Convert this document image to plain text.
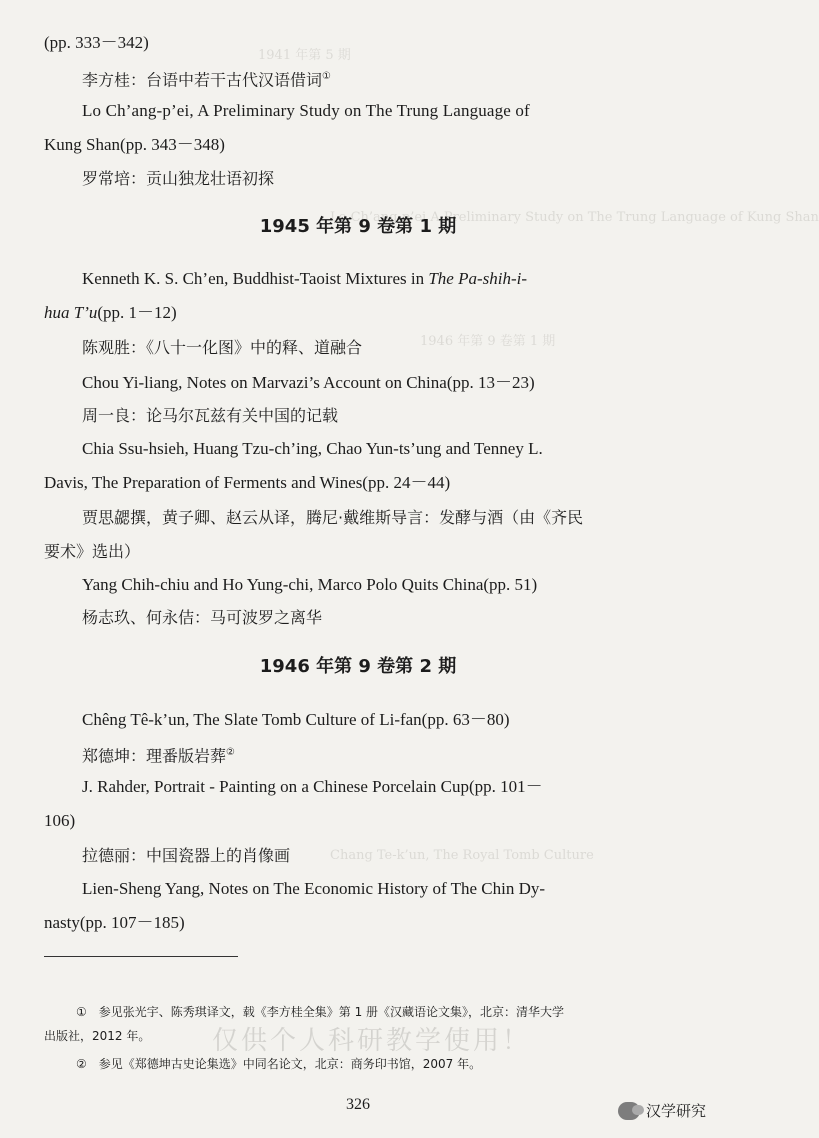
1941 年第 5 期
Lo Ch’ang-p’ei A Preliminary Study on The Trung Language of Kung Shan
Chang Te-k’un, The Royal Tomb Culture
1946 年第 9 卷第 1 期
(pp. 333－342)
李方桂：台语中若干古代汉语借词①
Lo Ch’ang-p’ei, A Preliminary Study on The Trung Language of
Kung Shan(pp. 343－348)
罗常培：贡山独龙壮语初探
1945 年第 9 卷第 1 期
Kenneth K. S. Ch’en, Buddhist-Taoist Mixtures in The Pa-shih-i-
hua T’u(pp. 1－12)
陈观胜：《八十一化图》中的释、道融合
Chou Yi-liang, Notes on Marvazi’s Account on China(pp. 13－23)
周一良：论马尔瓦兹有关中国的记载
Chia Ssu-hsieh, Huang Tzu-ch’ing, Chao Yun-ts’ung and Tenney L.
Davis, The Preparation of Ferments and Wines(pp. 24－44)
贾思勰撰，黄子卿、赵云从译，腾尼·戴维斯导言：发酵与酒（由《齐民
要术》选出）
Yang Chih-chiu and Ho Yung-chi, Marco Polo Quits China(pp. 51)
杨志玖、何永佶：马可波罗之离华
1946 年第 9 卷第 2 期
Chêng Tê-k’un, The Slate Tomb Culture of Li-fan(pp. 63－80)
郑德坤：理番版岩葬②
J. Rahder, Portrait - Painting on a Chinese Porcelain Cup(pp. 101－
106)
拉德丽：中国瓷器上的肖像画
Lien-Sheng Yang, Notes on The Economic History of The Chin Dy-
nasty(pp. 107－185)
①　参见张光宇、陈秀琪译文，载《李方桂全集》第 1 册《汉藏语论文集》，北京：清华大学
出版社，2012 年。
②　参见《郑德坤古史论集选》中同名论文，北京：商务印书馆，2007 年。
仅供个人科研教学使用！
326	汉学研究
